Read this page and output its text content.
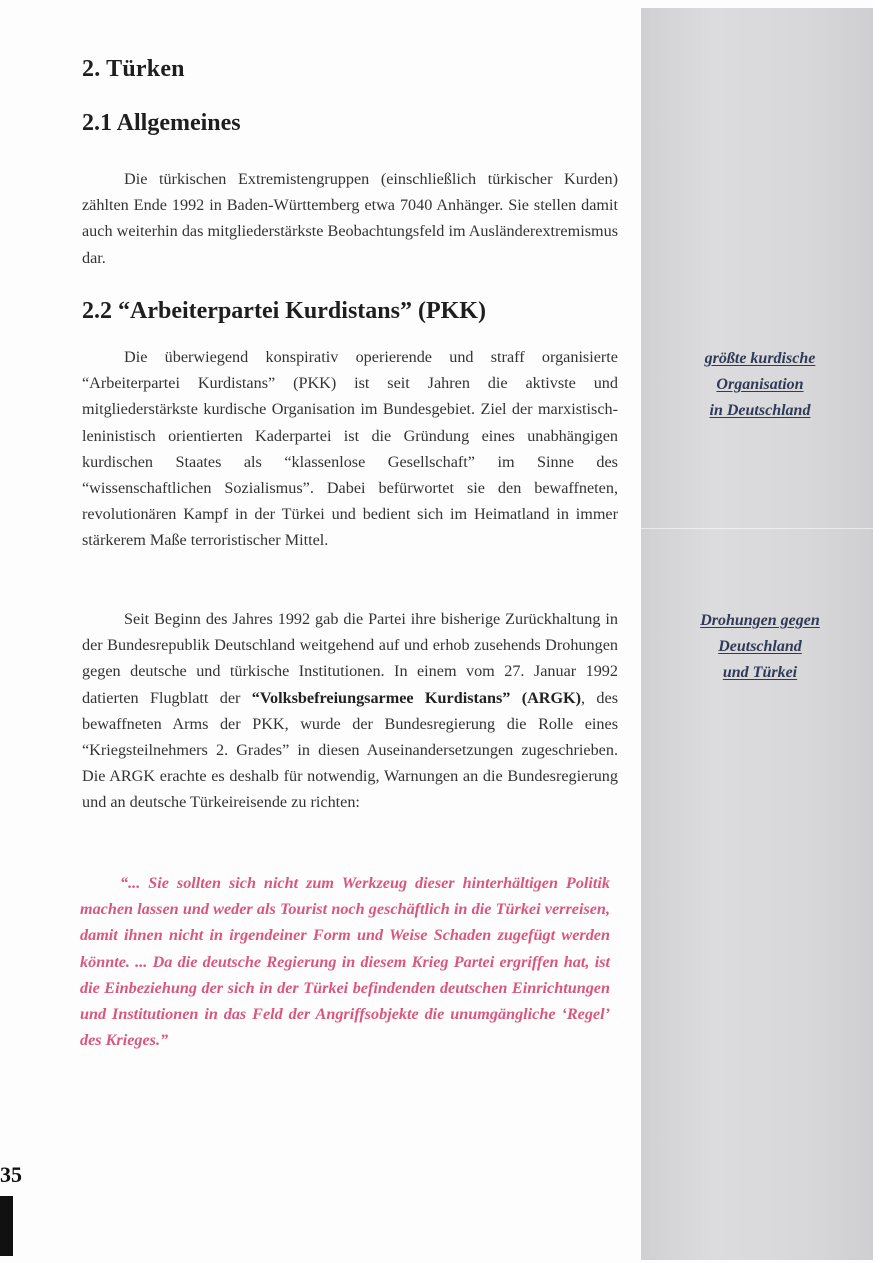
2. Türken
2.1 Allgemeines

Die türkischen Extremistengruppen (einschließlich türkischer Kurden) zählten Ende 1992 in Baden-Württemberg etwa 7040 Anhänger. Sie stellen damit auch weiterhin das mitgliederstärkste Beobachtungsfeld im Ausländerextremismus dar.

2.2 “Arbeiterpartei Kurdistans” (PKK)

Die überwiegend konspirativ operierende und straff organisierte “Arbeiterpartei Kurdistans” (PKK) ist seit Jahren die aktivste und mitgliederstärkste kurdische Organisation im Bundesgebiet. Ziel der marxistisch-leninistisch orientierten Kaderpartei ist die Gründung eines unabhängigen kurdischen Staates als “klassenlose Gesellschaft” im Sinne des “wissenschaftlichen Sozialismus”. Dabei befürwortet sie den bewaffneten, revolutionären Kampf in der Türkei und bedient sich im Heimatland in immer stärkerem Maße terroristischer Mittel.

Seit Beginn des Jahres 1992 gab die Partei ihre bisherige Zurückhaltung in der Bundesrepublik Deutschland weitgehend auf und erhob zusehends Drohungen gegen deutsche und türkische Institutionen. In einem vom 27. Januar 1992 datierten Flugblatt der “Volksbefreiungsarmee Kurdistans” (ARGK), des bewaffneten Arms der PKK, wurde der Bundesregierung die Rolle eines “Kriegsteilnehmers 2. Grades” in diesen Auseinandersetzungen zugeschrieben. Die ARGK erachte es deshalb für notwendig, Warnungen an die Bundesregierung und an deutsche Türkeireisende zu richten:

“... Sie sollten sich nicht zum Werkzeug dieser hinterhältigen Politik machen lassen und weder als Tourist noch geschäftlich in die Türkei verreisen, damit ihnen nicht in irgendeiner Form und Weise Schaden zugefügt werden könnte. ... Da die deutsche Regierung in diesem Krieg Partei ergriffen hat, ist die Einbeziehung der sich in der Türkei befindenden deutschen Einrichtungen und Institutionen in das Feld der Angriffsobjekte die unumgängliche ‘Regel’ des Krieges.”

größte kurdische
Organisation
in Deutschland
Drohungen gegen
Deutschland
und Türkei
35
